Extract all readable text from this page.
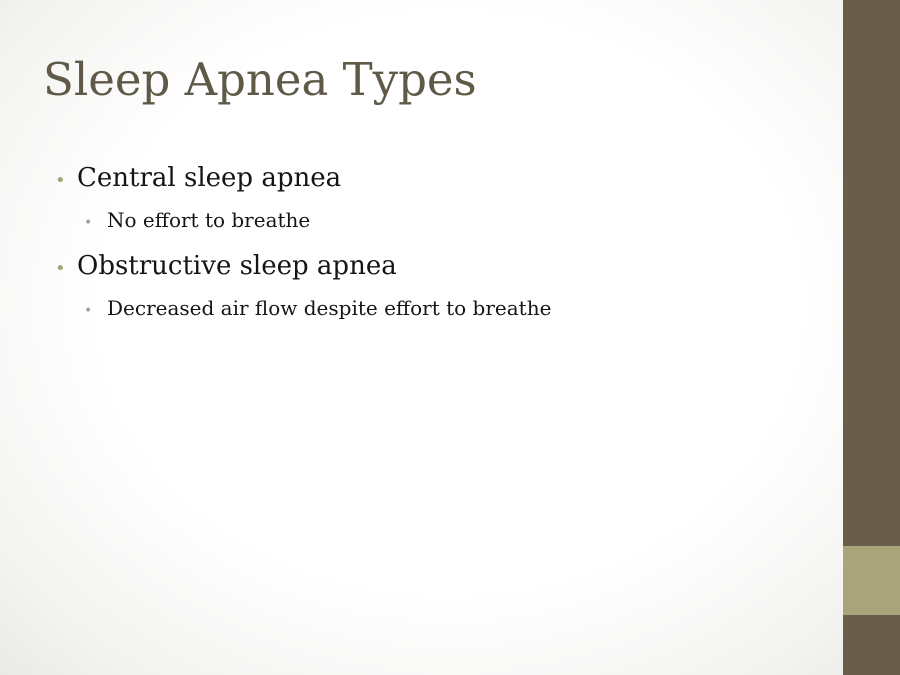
Sleep Apnea Types
• Central sleep apnea
• No effort to breathe
• Obstructive sleep apnea
• Decreased air flow despite effort to breathe
